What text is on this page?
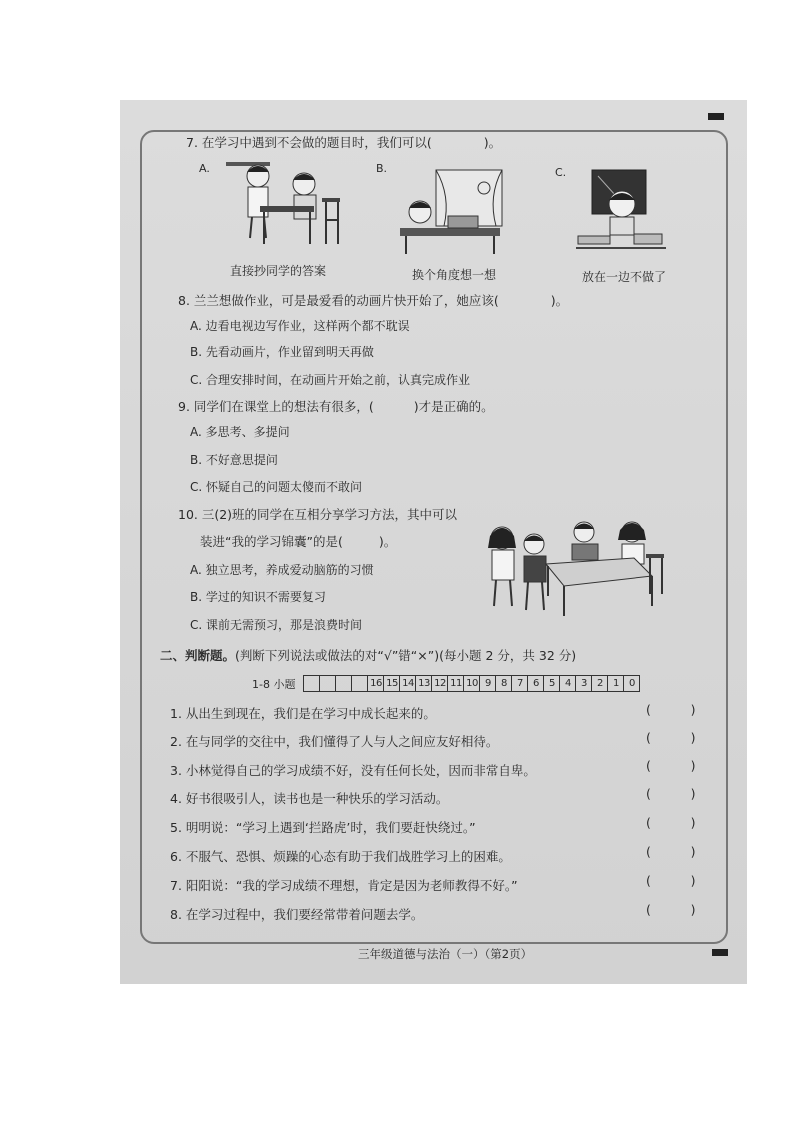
7. 在学习中遇到不会做的题目时，我们可以(	)。
A.
直接抄同学的答案
B.
换个角度想一想
C.
放在一边不做了
8. 兰兰想做作业，可是最爱看的动画片快开始了，她应该(	)。
A. 边看电视边写作业，这样两个都不耽误
B. 先看动画片，作业留到明天再做
C. 合理安排时间，在动画片开始之前，认真完成作业
9. 同学们在课堂上的想法有很多，(	)才是正确的。
A. 多思考、多提问
B. 不好意思提问
C. 怀疑自己的问题太傻而不敢问
10. 三(2)班的同学在互相分享学习方法，其中可以
装进“我的学习锦囊”的是(	)。
A. 独立思考，养成爱动脑筋的习惯
B. 学过的知识不需要复习
C. 课前无需预习，那是浪费时间
二、判断题。(判断下列说法或做法的对“√”错“×”)(每小题 2 分，共 32 分)
1-8 小题	16 15 14 13 12 11 10 9	8	7	6	5	4	3	2	1	0
1. 从出生到现在，我们是在学习中成长起来的。	(          )
2. 在与同学的交往中，我们懂得了人与人之间应友好相待。	(          )
3. 小林觉得自己的学习成绩不好，没有任何长处，因而非常自卑。	(          )
4. 好书很吸引人，读书也是一种快乐的学习活动。	(          )
5. 明明说：“学习上遇到‘拦路虎’时，我们要赶快绕过。”	(          )
6. 不服气、恐惧、烦躁的心态有助于我们战胜学习上的困难。	(          )
7. 阳阳说：“我的学习成绩不理想，肯定是因为老师教得不好。”	(          )
8. 在学习过程中，我们要经常带着问题去学。	(          )
三年级道德与法治（一）（第2页）
